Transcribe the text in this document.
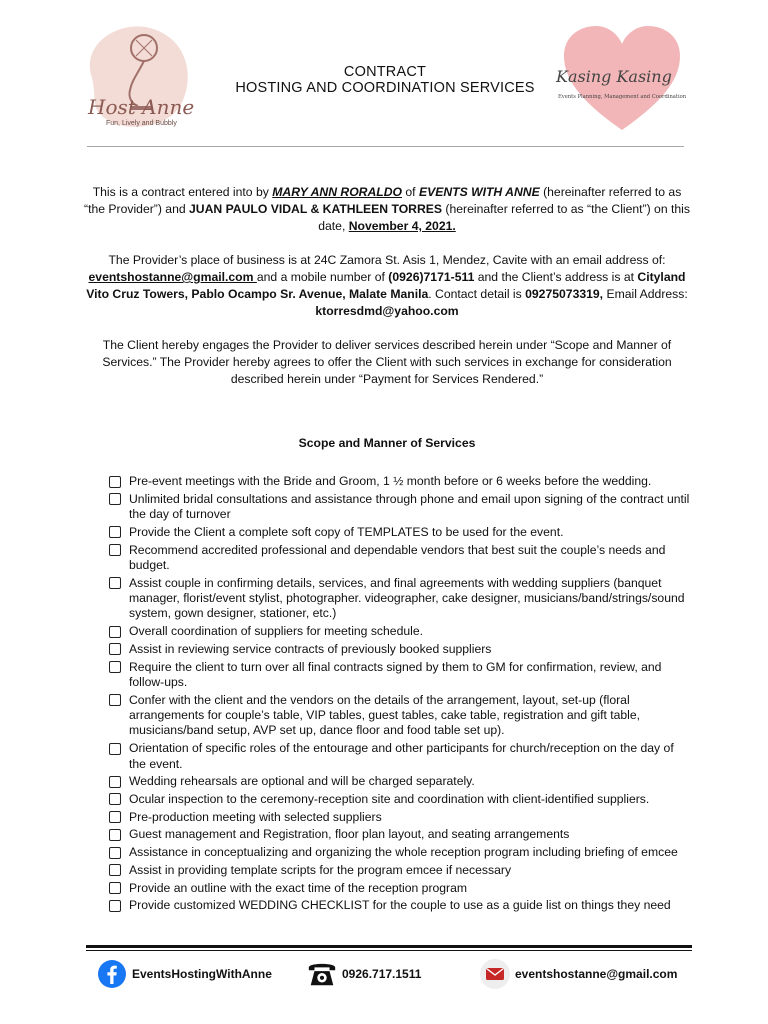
Host Anne
Fun, Lively and Bubbly
CONTRACT
HOSTING AND COORDINATION SERVICES
Kasing Kasing
Events Planning, Management and Coordination

This is a contract entered into by MARY ANN RORALDO of EVENTS WITH ANNE (hereinafter referred to as “the Provider”) and JUAN PAULO VIDAL & KATHLEEN TORRES (hereinafter referred to as “the Client”) on this date, November 4, 2021.

The Provider’s place of business is at 24C Zamora St. Asis 1, Mendez, Cavite with an email address of: eventshostanne@gmail.com and a mobile number of (0926)7171-511 and the Client’s address is at Cityland Vito Cruz Towers, Pablo Ocampo Sr. Avenue, Malate Manila. Contact detail is 09275073319, Email Address: ktorresdmd@yahoo.com

The Client hereby engages the Provider to deliver services described herein under “Scope and Manner of Services.” The Provider hereby agrees to offer the Client with such services in exchange for consideration described herein under “Payment for Services Rendered.”

Scope and Manner of Services
Pre-event meetings with the Bride and Groom, 1 ½ month before or 6 weeks before the wedding.
Unlimited bridal consultations and assistance through phone and email upon signing of the contract until the day of turnover
Provide the Client a complete soft copy of TEMPLATES to be used for the event.
Recommend accredited professional and dependable vendors that best suit the couple’s needs and budget.
Assist couple in confirming details, services, and final agreements with wedding suppliers (banquet manager, florist/event stylist, photographer. videographer, cake designer, musicians/band/strings/sound system, gown designer, stationer, etc.)
Overall coordination of suppliers for meeting schedule.
Assist in reviewing service contracts of previously booked suppliers
Require the client to turn over all final contracts signed by them to GM for confirmation, review, and follow-ups.
Confer with the client and the vendors on the details of the arrangement, layout, set-up (floral arrangements for couple’s table, VIP tables, guest tables, cake table, registration and gift table, musicians/band setup, AVP set up, dance floor and food table set up).
Orientation of specific roles of the entourage and other participants for church/reception on the day of the event.
Wedding rehearsals are optional and will be charged separately.
Ocular inspection to the ceremony-reception site and coordination with client-identified suppliers.
Pre-production meeting with selected suppliers
Guest management and Registration, floor plan layout, and seating arrangements
Assistance in conceptualizing and organizing the whole reception program including briefing of emcee
Assist in providing template scripts for the program emcee if necessary
Provide an outline with the exact time of the reception program
Provide customized WEDDING CHECKLIST for the couple to use as a guide list on things they need
EventsHostingWithAnne	0926.717.1511	eventshostanne@gmail.com
